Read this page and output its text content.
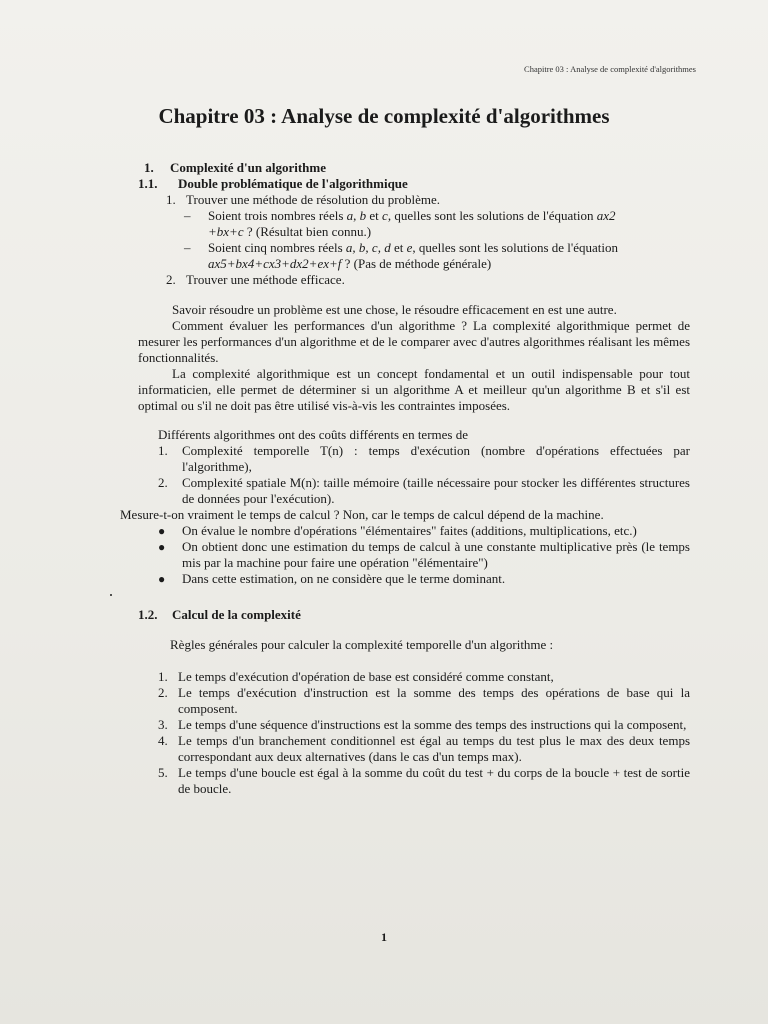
Chapitre 03 : Analyse de complexité d'algorithmes
Chapitre 03 : Analyse de complexité d'algorithmes
1.	Complexité d'un algorithme
1.1.	Double problématique de l'algorithmique
1. Trouver une méthode de résolution du problème.
–	Soient trois nombres réels a, b et c, quelles sont les solutions de l'équation ax2
+bx+c ? (Résultat bien connu.)
–	Soient cinq nombres réels a, b, c, d et e, quelles sont les solutions de l'équation
ax5+bx4+cx3+dx2+ex+f ? (Pas de méthode générale)
2. Trouver une méthode efficace.

Savoir résoudre un problème est une chose, le résoudre efficacement en est une autre.

Comment évaluer les performances d'un algorithme ? La complexité algorithmique permet de mesurer les performances d'un algorithme et de le comparer avec d'autres algorithmes réalisant les mêmes fonctionnalités.

La complexité algorithmique est un concept fondamental et un outil indispensable pour tout informaticien, elle permet de déterminer si un algorithme A et meilleur qu'un algorithme B et s'il est optimal ou s'il ne doit pas être utilisé vis-à-vis les contraintes imposées.

Différents algorithmes ont des coûts différents en termes de

1.	Complexité temporelle T(n) : temps d'exécution (nombre d'opérations effectuées par l'algorithme),
2.	Complexité spatiale M(n): taille mémoire (taille nécessaire pour stocker les différentes structures de données pour l'exécution).

Mesure-t-on vraiment le temps de calcul ? Non, car le temps de calcul dépend de la machine.

●	On évalue le nombre d'opérations "élémentaires" faites (additions, multiplications, etc.)
●	On obtient donc une estimation du temps de calcul à une constante multiplicative près (le temps mis par la machine pour faire une opération "élémentaire")
●	Dans cette estimation, on ne considère que le terme dominant.
1.2.	Calcul de la complexité

Règles générales pour calculer la complexité temporelle d'un algorithme :

1. Le temps d'exécution d'opération de base est considéré comme constant,
2. Le temps d'exécution d'instruction est la somme des temps des opérations de base qui la composent.
3. Le temps d'une séquence d'instructions est la somme des temps des instructions qui la composent,
4. Le temps d'un branchement conditionnel est égal au temps du test plus le max des deux temps correspondant aux deux alternatives (dans le cas d'un temps max).
5. Le temps d'une boucle est égal à la somme du coût du test + du corps de la boucle + test de sortie de boucle.
1
